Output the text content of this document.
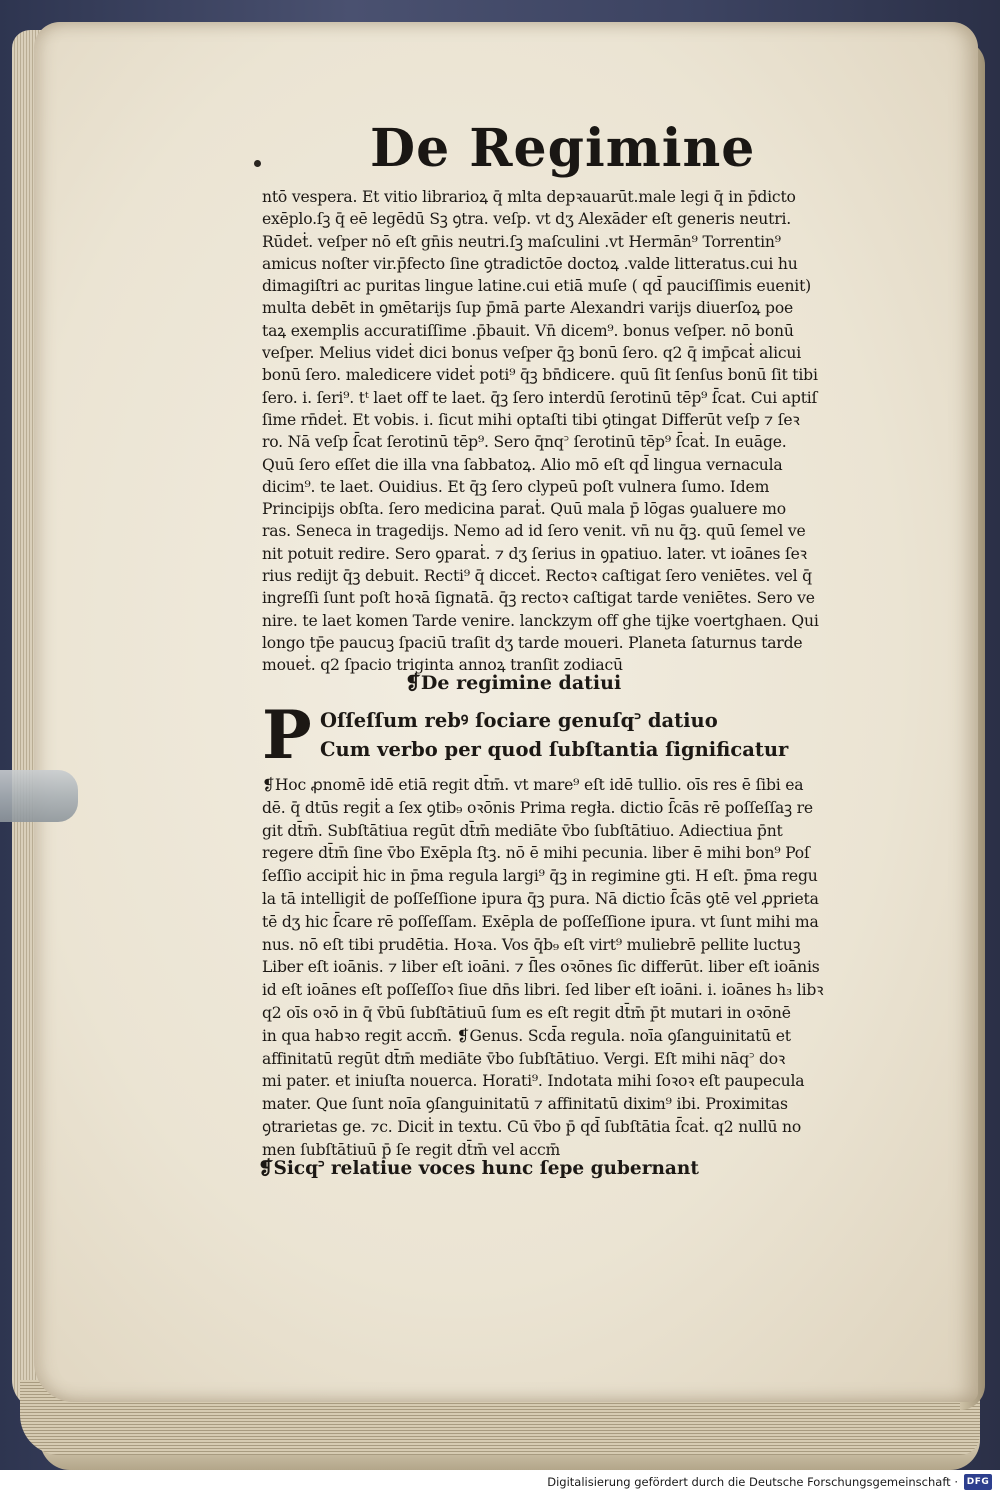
De Regimine
ntō vespera. Et vitio librarioꝝ q̄ mlta depꝛauarūt.male legi q̄ in p̄dicto
exēplo.ſꝫ q̄ eē legēdū Sꝫ ꝯtra. veſp. vt dʒ Alexāder eſt generis neutri.
Rūdeṫ. veſper nō eſt gn̄is neutri.ſꝫ maſculini .vt Hermān⁹ Torrentin⁹
amicus noſter vir.p̄fecto ſine ꝯtradictōe doctoꝝ .valde litteratus.cui hu
dimagiſtri ac puritas lingue latine.cui etiā muſe ( qd̄ pauciſſimis euenit)
multa debēt in ꝯmētarijs ſup p̄mā parte Alexandri varijs diuerſoꝝ poe
taꝝ exemplis accuratiſſime .p̄bauit. Vn̄ dicem⁹. bonus veſper. nō bonū
veſper. Melius videṫ dici bonus veſper q̄ꝫ bonū ſero. q2 q̄ imp̄caṫ alicui
bonū ſero. maledicere videṫ poti⁹ q̄ꝫ bn̄dicere. quū ſit ſenſus bonū ſit tibi
ſero. i. ſeri⁹. tᵗ laet off te laet. q̄ꝫ ſero interdū ſerotinū tēp⁹ ſ̄cat. Cui aptiſ
ſime rn̄deṫ. Et vobis. i. ſicut mihi optaſti tibi ꝯtingat Differūt veſp ⁊ ſeꝛ
ro. Nā veſp ſ̄cat ſerotinū tēp⁹. Sero q̄nq꜄ ſerotinū tēp⁹ ſ̄caṫ. In euāge.
Quū ſero eſſet die illa vna ſabbatoꝝ. Alio mō eſt qd̄ lingua vernacula
dicim⁹. te laet. Ouidius. Et q̄ꝫ ſero clypeū poſt vulnera ſumo. Idem
Principijs obſta. ſero medicina paraṫ. Quū mala p̄ lōgas ꝯualuere mo
ras. Seneca in tragedijs. Nemo ad id ſero venit. vn̄ nu q̄ꝫ. quū ſemel ve
nit potuit redire. Sero ꝯparaṫ. ⁊ dʒ ſerius in ꝯpatiuo. later. vt ioānes ſeꝛ
rius redijt q̄ꝫ debuit. Recti⁹ q̄ dicceṫ. Rectoꝛ caſtigat ſero veniētes. vel q̄
ingreſſi ſunt poſt hoꝛā ſignatā. q̄ꝫ rectoꝛ caſtigat tarde veniētes. Sero ve
nire. te laet komen Tarde venire. lanckzym off ghe tijke voertghaen. Qui
longo tp̄e paucuꝫ ſpaciū traſit dʒ tarde moueri. Planeta ſaturnus tarde
moueṫ. q2 ſpacio triginta annoꝝ tranſit zodiacū
❡De regimine datiui
P Oſſeſſum rebꝰ ſociare genuſq꜄ datiuo
Cum verbo per quod ſubſtantia ſignificatur
❡Hoc ꝓnomē idē etiā regit dt̄m̄. vt mare⁹ eſt idē tullio. oīs res ē ſibi ea
dē. q̄ dtūs regiṫ a ſex ꝯtib₉ oꝛōnis Prima regła. dictio ſ̄cās rē poſſeſſaꝫ re
git dt̄m̄. Subſtātiua regūt dt̄m̄ mediāte v̄bo ſubſtātiuo. Adiectiua p̄nt
regere dt̄m̄ ſine v̄bo Exēpla ſtꝫ. nō ē mihi pecunia. liber ē mihi bon⁹ Poſ
ſeſſio accipiṫ hic in p̄ma regula largi⁹ q̄ꝫ in regimine gti. H eſt. p̄ma regu
la tā intelligiṫ de poſſeſſione ipura q̄ꝫ pura. Nā dictio ſ̄cās ꝯtē vel ꝓprieta
tē dʒ hic ſ̄care rē poſſeſſam. Exēpla de poſſeſſione ipura. vt ſunt mihi ma
nus. nō eſt tibi prudētia. Hoꝛa. Vos q̄b₉ eſt virt⁹ muliebrē pellite luctuꝫ
Liber eſt ioānis. ⁊ liber eſt ioāni. ⁊ ſ̄les oꝛōnes ſic differūt. liber eſt ioānis
id eſt ioānes eſt poſſeſſoꝛ ſiue dn̄s libri. ſed liber eſt ioāni. i. ioānes h₃ libꝛ
q2 oīs oꝛō in q̄ v̄bū ſubſtātiuū ſum es eſt regit dt̄m̄ p̄t mutari in oꝛōnē
in qua habꝛo regit accm̄. ❡Genus. Scd̄a regula. noīa ꝯſanguinitatū et
affinitatū regūt dt̄m̄ mediāte v̄bo ſubſtātiuo. Vergi. Eſt mihi nāq꜄ doꝛ
mi pater. et iniuſta nouerca. Horati⁹. Indotata mihi ſoꝛoꝛ eſt paupecula
mater. Que ſunt noīa ꝯſanguinitatū ⁊ affinitatū dixim⁹ ibi. Proximitas
ꝯtrarietas ge. ⁊c. Diciṫ in textu. Cū v̄bo p̄ qd̄ ſubſtātia ſ̄caṫ. q2 nullū no
men ſubſtātiuū p̄ ſe regit dt̄m̄ vel accm̄
❡Sicq꜄ relatiue voces hunc ſepe gubernant
Digitalisierung gefördert durch die Deutsche Forschungsgemeinschaft · DFG
